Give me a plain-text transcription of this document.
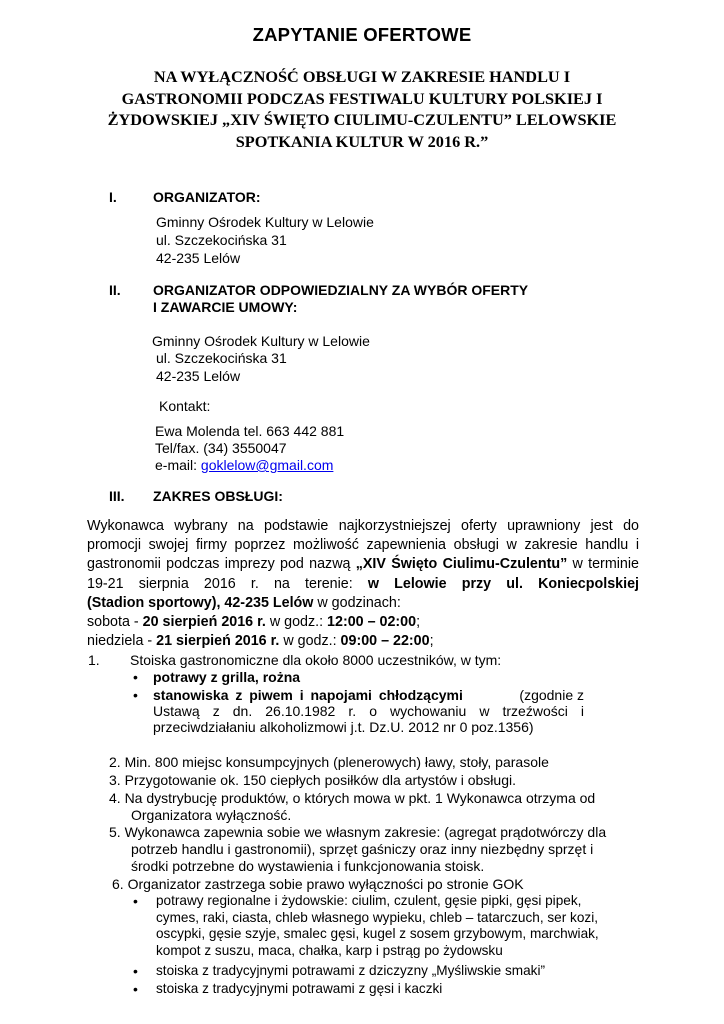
ZAPYTANIE OFERTOWE
NA WYŁĄCZNOŚĆ OBSŁUGI W ZAKRESIE HANDLU I
GASTRONOMII PODCZAS FESTIWALU KULTURY POLSKIEJ I
ŻYDOWSKIEJ „XIV ŚWIĘTO CIULIMU-CZULENTU” LELOWSKIE
SPOTKANIA KULTUR W 2016 R.”
I.	ORGANIZATOR:
Gminny Ośrodek Kultury w Lelowie
ul. Szczekocińska 31
42-235 Lelów
II. ORGANIZATOR ODPOWIEDZIALNY ZA WYBÓR OFERTY
I ZAWARCIE UMOWY:
Gminny Ośrodek Kultury w Lelowie
ul. Szczekocińska 31
42-235 Lelów
Kontakt:
Ewa Molenda tel. 663 442 881
Tel/fax. (34) 3550047
e-mail: goklelow@gmail.com
III. ZAKRES OBSŁUGI:
Wykonawca wybrany na podstawie najkorzystniejszej oferty uprawniony jest do
promocji swojej firmy poprzez możliwość zapewnienia obsługi w zakresie handlu i
gastronomii podczas imprezy pod nazwą „XIV Święto Ciulimu-Czulentu” w terminie
19-21 sierpnia 2016 r. na terenie: w Lelowie przy ul. Koniecpolskiej
(Stadion sportowy), 42-235 Lelów w godzinach:
sobota - 20 sierpień 2016 r. w godz.: 12:00 – 02:00;
niedziela - 21 sierpień 2016 r. w godz.: 09:00 – 22:00;
1. Stoiska gastronomiczne dla około 8000 uczestników, w tym:
• potrawy z grilla, rożna
• stanowiska z piwem i napojami chłodzącymi	(zgodnie z
Ustawą z dn. 26.10.1982 r. o wychowaniu w trzeźwości i
przeciwdziałaniu alkoholizmowi j.t. Dz.U. 2012 nr 0 poz.1356)
2. Min. 800 miejsc konsumpcyjnych (plenerowych) ławy, stoły, parasole
3. Przygotowanie ok. 150 ciepłych posiłków dla artystów i obsługi.
4. Na dystrybucję produktów, o których mowa w pkt. 1 Wykonawca otrzyma od
Organizatora wyłączność.
5. Wykonawca zapewnia sobie we własnym zakresie: (agregat prądotwórczy dla
potrzeb handlu i gastronomii), sprzęt gaśniczy oraz inny niezbędny sprzęt i
środki potrzebne do wystawienia i funkcjonowania stoisk.
6. Organizator zastrzega sobie prawo wyłączności po stronie GOK
• potrawy regionalne i żydowskie: ciulim, czulent, gęsie pipki, gęsi pipek,
cymes, raki, ciasta, chleb własnego wypieku, chleb – tatarczuch, ser kozi,
oscypki, gęsie szyje, smalec gęsi, kugel z sosem grzybowym, marchwiak,
kompot z suszu, maca, chałka, karp i pstrąg po żydowsku
• stoiska z tradycyjnymi potrawami z dziczyzny „Myśliwskie smaki”
• stoiska z tradycyjnymi potrawami z gęsi i kaczki
